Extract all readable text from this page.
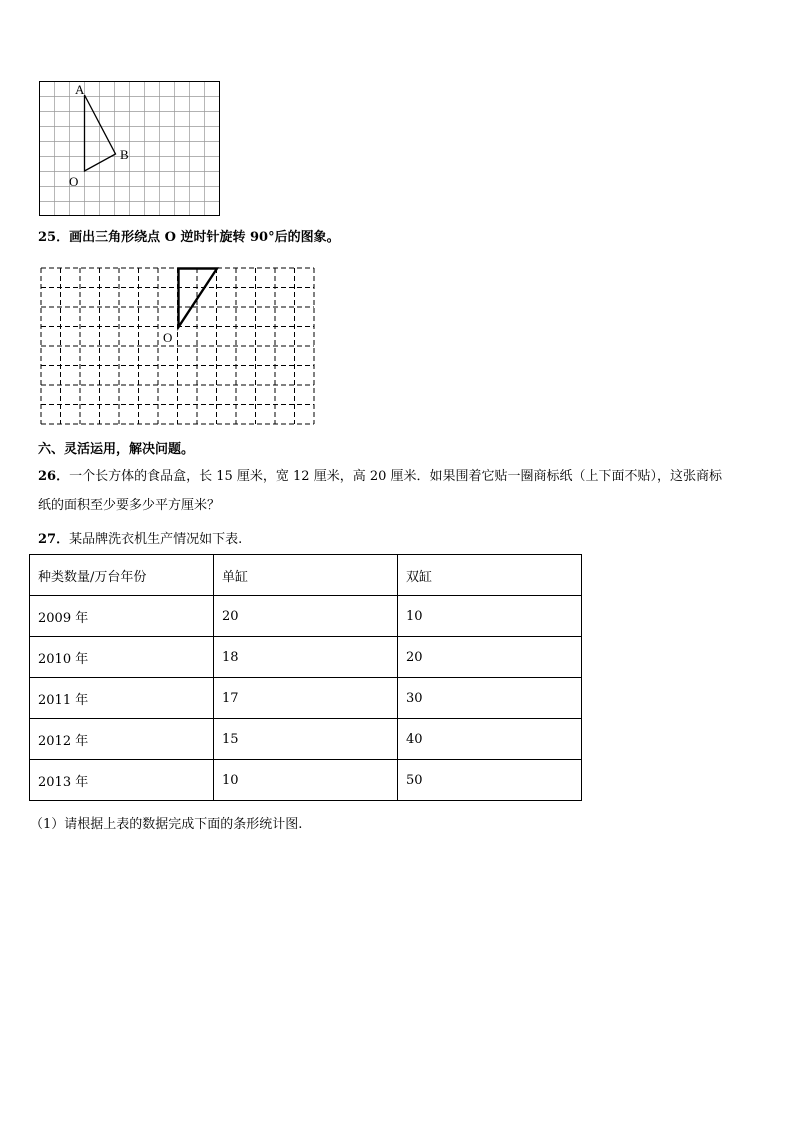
A
B
O
25．画出三角形绕点 O 逆时针旋转 90°后的图象。
O
六、灵活运用，解决问题。
26．一个长方体的食品盒，长 15 厘米，宽 12 厘米，高 20 厘米．如果围着它贴一圈商标纸（上下面不贴），这张商标
纸的面积至少要多少平方厘米？
27．某品牌洗衣机生产情况如下表.
种类数量/万台年份	单缸	双缸
2009 年	20	10
2010 年	18	20
2011 年	17	30
2012 年	15	40
2013 年	10	50
（1）请根据上表的数据完成下面的条形统计图.
